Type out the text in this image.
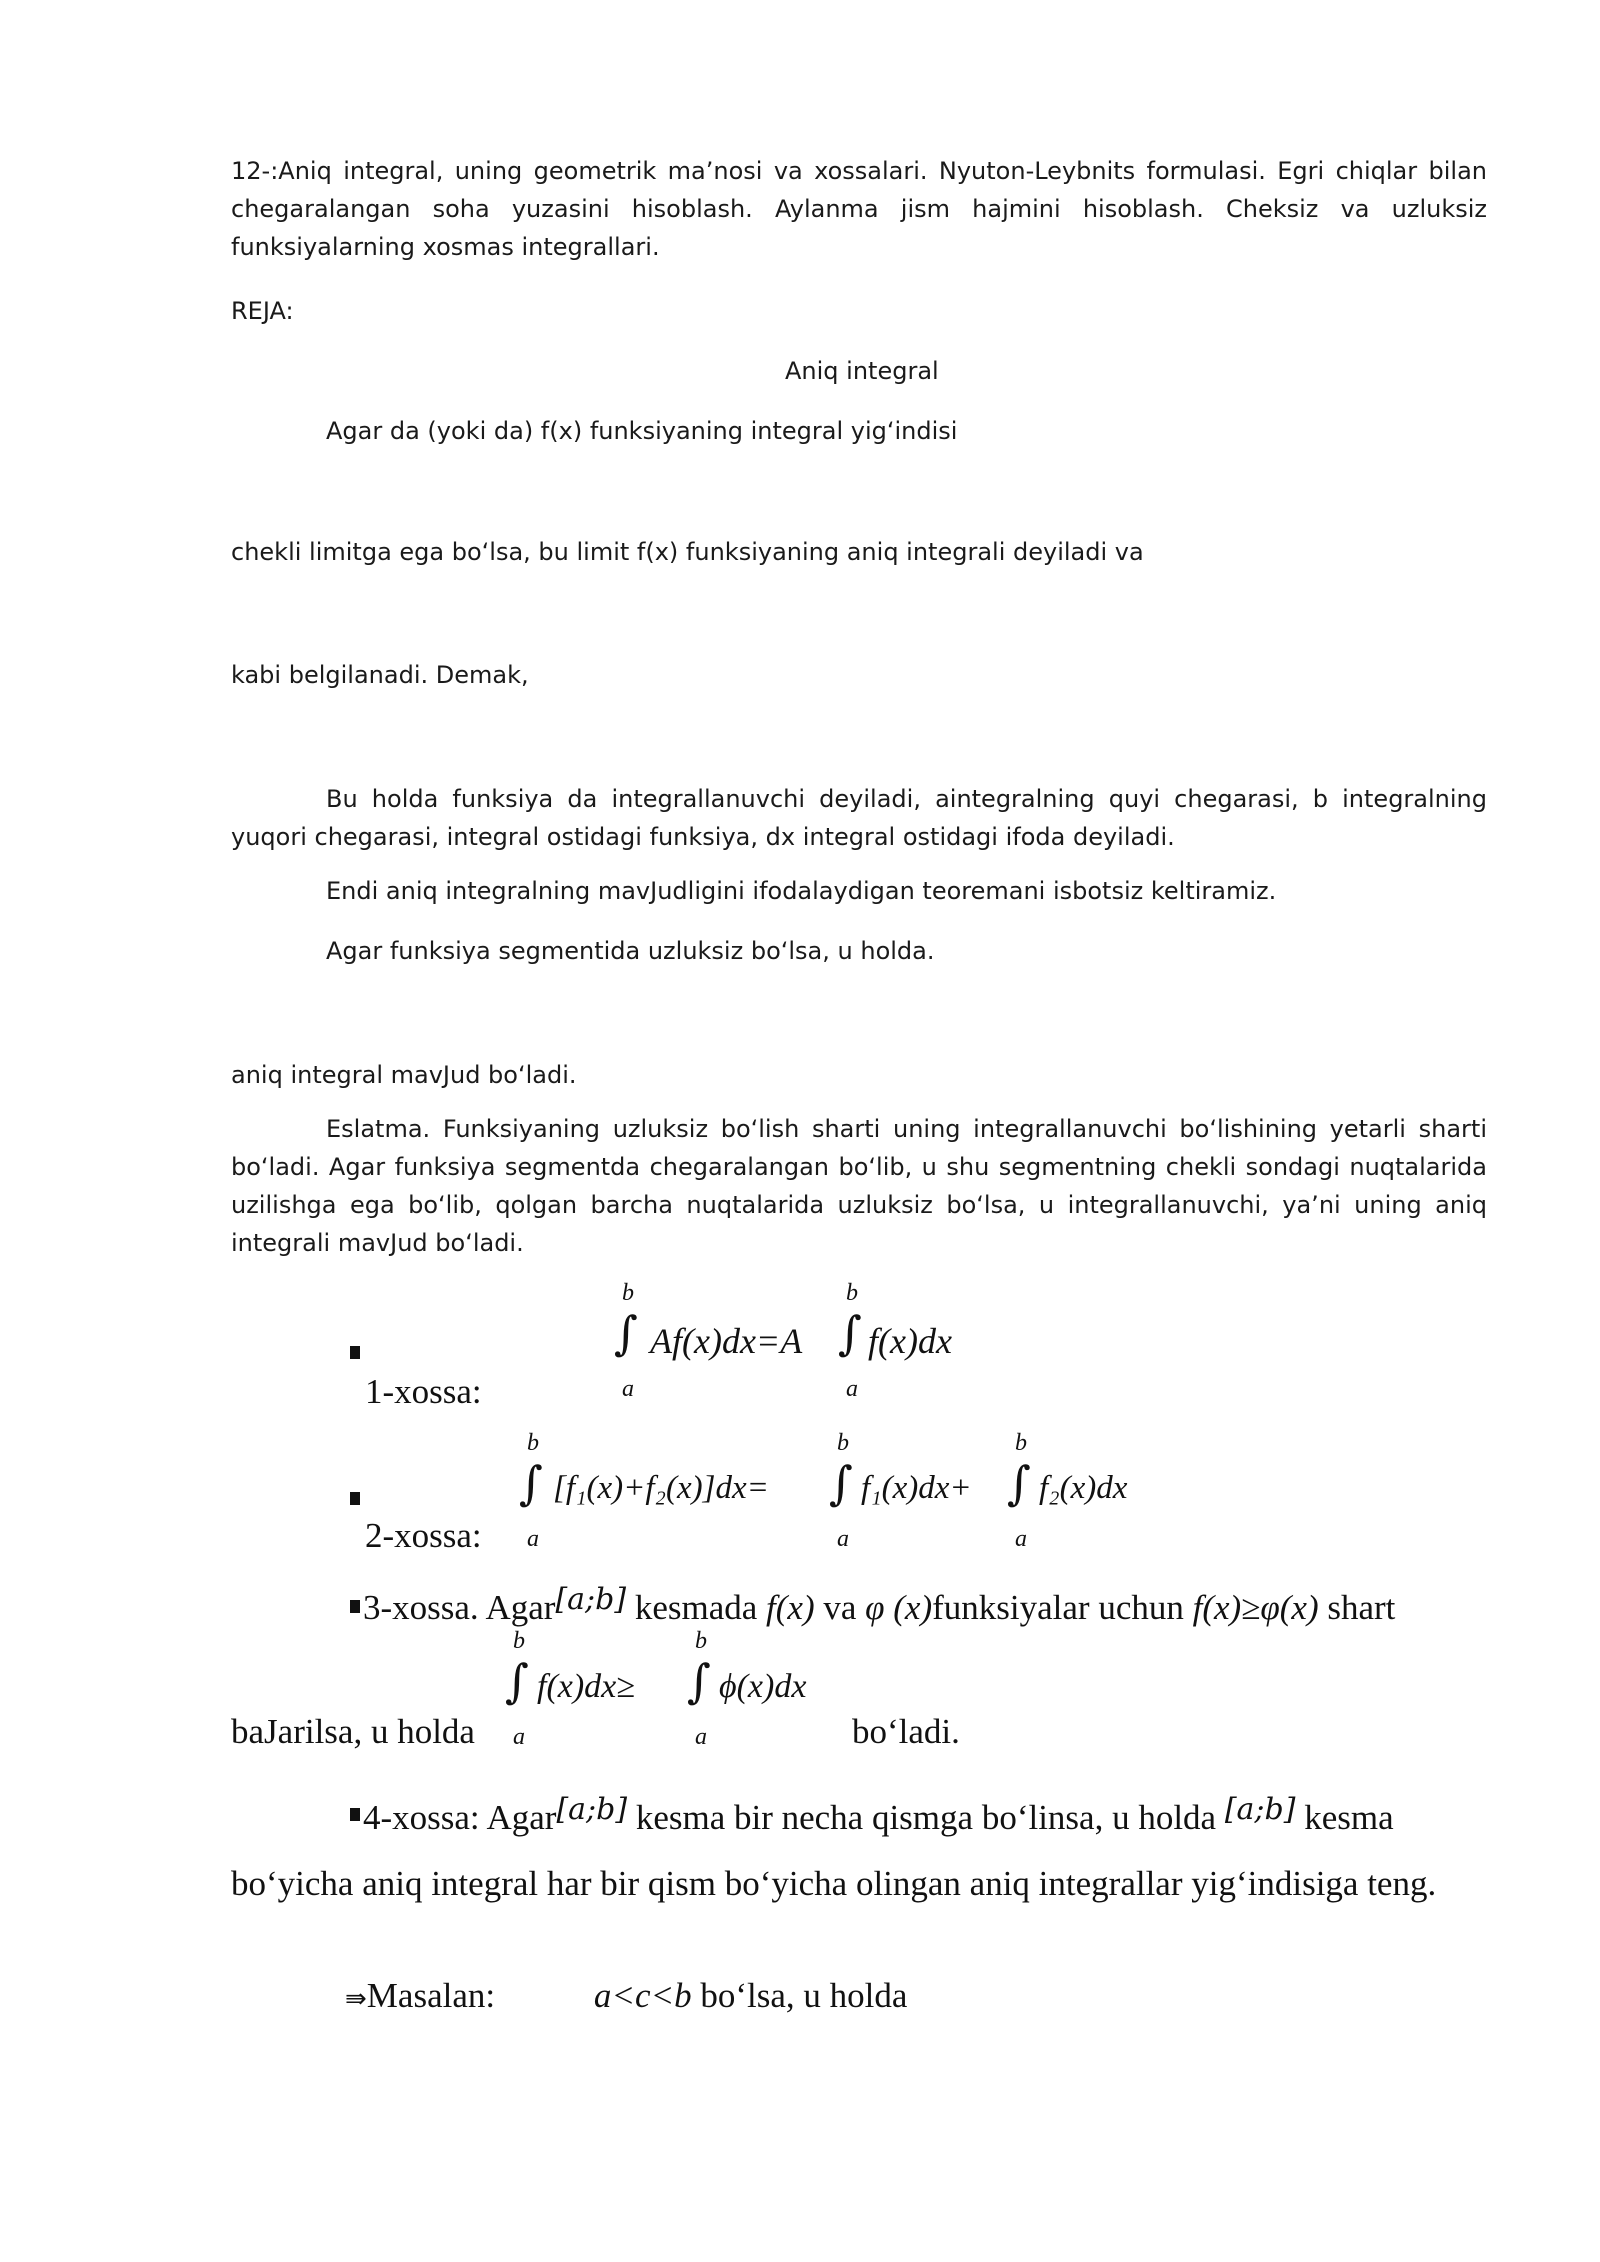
12-:Aniq integral, uning geometrik ma’nosi va xossalari. Nyuton-Leybnits formulasi. Egri chiqlar bilan chegaralangan soha yuzasini hisoblash. Aylanma jism hajmini hisoblash. Cheksiz va uzluksiz funksiyalarning xosmas integrallari.
REJA:
Aniq integral
Agar da (yoki da) f(x) funksiyaning integral yig‘indisi
chekli limitga ega bo‘lsa, bu limit f(x) funksiyaning aniq integrali deyiladi va
kabi belgilanadi. Demak,
Bu holda funksiya da integrallanuvchi deyiladi, aintegralning quyi chegarasi, b integralning yuqori chegarasi, integral ostidagi funksiya, dx integral ostidagi ifoda deyiladi.
Endi aniq integralning mavJudligini ifodalaydigan teoremani isbotsiz keltiramiz.
Agar funksiya segmentida uzluksiz bo‘lsa, u holda.
aniq integral mavJud bo‘ladi.
Eslatma. Funksiyaning uzluksiz bo‘lish sharti uning integrallanuvchi bo‘lishining yetarli sharti bo‘ladi. Agar funksiya segmentda chegaralangan bo‘lib, u shu segmentning chekli sondagi nuqtalarida uzilishga ega bo‘lib, qolgan barcha nuqtalarida uzluksiz bo‘lsa, u integrallanuvchi, ya’ni uning aniq integrali mavJud bo‘ladi.
1-xossa:
b
a
∫ Af(x)dx=A
b
a
∫ f(x)dx
2-xossa:
b
a
∫ [f₁(x)+f₂(x)]dx=
b
a
∫ f₁(x)dx+
b
a
∫ f₂(x)dx
3-xossa. Agar[a;b] kesmada f(x) va φ (x)funksiyalar uchun f(x)≥φ(x) shart
baJarilsa, u holda
b
a
∫ f(x)dx≥
b
a
∫ ϕ(x)dx
bo‘ladi.
4-xossa: Agar[a;b] kesma bir necha qismga bo‘linsa, u holda [a;b] kesma
bo‘yicha aniq integral har bir qism bo‘yicha olingan aniq integrallar yig‘indisiga teng.
⇛Masalan:	a<c<b bo‘lsa, u holda
